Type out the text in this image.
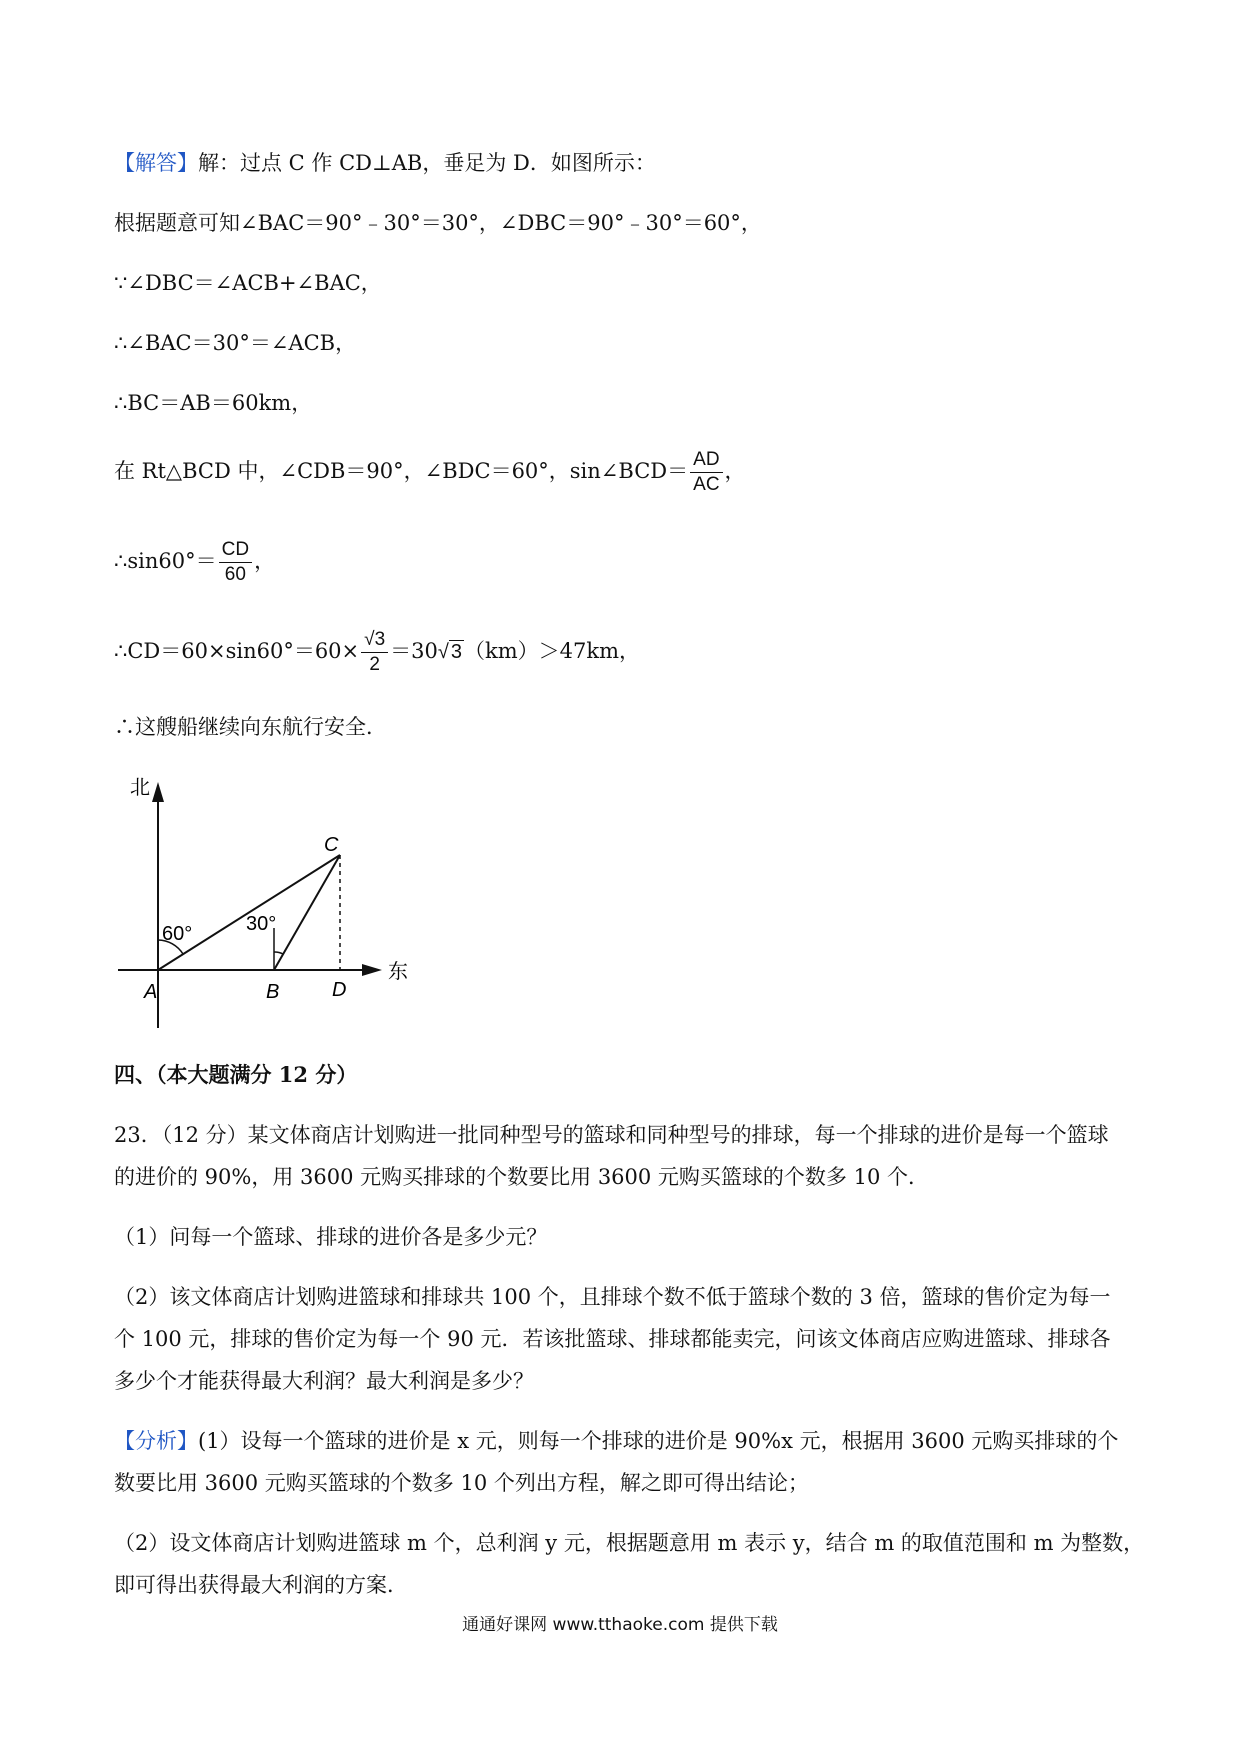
【解答】解：过点 C 作 CD⊥AB，垂足为 D．如图所示：
根据题意可知∠BAC＝90°﹣30°＝30°，∠DBC＝90°﹣30°＝60°，
∵∠DBC＝∠ACB+∠BAC，
∴∠BAC＝30°＝∠ACB，
∴BC＝AB＝60km，
在 Rt△BCD 中，∠CDB＝90°，∠BDC＝60°，sin∠BCD＝ $\frac{AD}{AC}$ ，
∴sin60°＝ $\frac{CD}{60}$ ，
∴CD＝60×sin60°＝60× $\frac{√3}{2} =30√$ 3（km）＞47km，
∴这艘船继续向东航行安全．
北
东
60°	30°
A	B
C
D
四、（本大题满分 12 分）
23．（12 分）某文体商店计划购进一批同种型号的篮球和同种型号的排球，每一个排球的进价是每一个篮球
的进价的 90%，用 3600 元购买排球的个数要比用 3600 元购买篮球的个数多 10 个．
（1）问每一个篮球、排球的进价各是多少元？
（2）该文体商店计划购进篮球和排球共 100 个，且排球个数不低于篮球个数的 3 倍，篮球的售价定为每一
个 100 元，排球的售价定为每一个 90 元．若该批篮球、排球都能卖完，问该文体商店应购进篮球、排球各
多少个才能获得最大利润？最大利润是多少？
【分析】(1）设每一个篮球的进价是 x 元，则每一个排球的进价是 90%x 元，根据用 3600 元购买排球的个
数要比用 3600 元购买篮球的个数多 10 个列出方程，解之即可得出结论；
（2）设文体商店计划购进篮球 m 个，总利润 y 元，根据题意用 m 表示 y，结合 m 的取值范围和 m 为整数，
即可得出获得最大利润的方案．
通通好课网 www.tthaoke.com 提供下载
